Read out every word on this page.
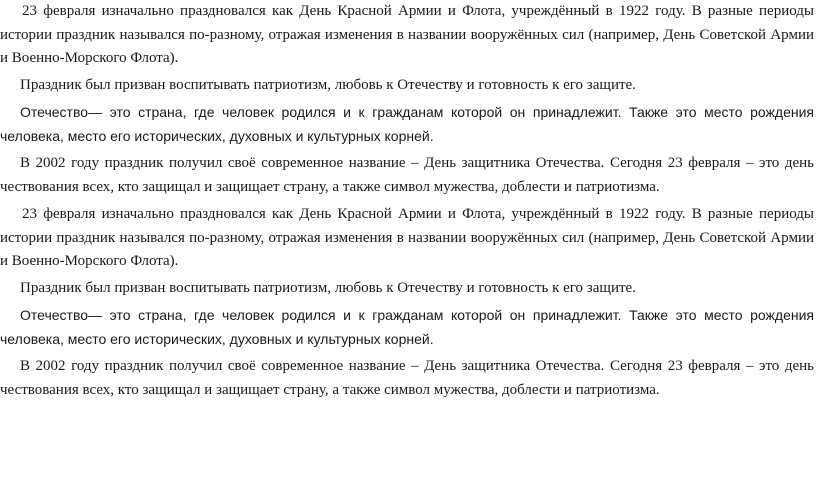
23 февраля изначально праздновался как День Красной Армии и Флота, учреждённый в 1922 году. В разные периоды истории праздник назывался по-разному, отражая изменения в названии вооружённых сил (например, День Советской Армии и Военно-Морского Флота).

Праздник был призван воспитывать патриотизм, любовь к Отечеству и готовность к его защите.

Отечество— это страна, где человек родился и к гражданам которой он принадлежит. Также это место рождения человека, место его исторических, духовных и культурных корней.

В 2002 году праздник получил своё современное название – День защитника Отечества. Сегодня 23 февраля – это день чествования всех, кто защищал и защищает страну, а также символ мужества, доблести и патриотизма.

23 февраля изначально праздновался как День Красной Армии и Флота, учреждённый в 1922 году. В разные периоды истории праздник назывался по-разному, отражая изменения в названии вооружённых сил (например, День Советской Армии и Военно-Морского Флота).

Праздник был призван воспитывать патриотизм, любовь к Отечеству и готовность к его защите.

Отечество— это страна, где человек родился и к гражданам которой он принадлежит. Также это место рождения человека, место его исторических, духовных и культурных корней.

В 2002 году праздник получил своё современное название – День защитника Отечества. Сегодня 23 февраля – это день чествования всех, кто защищал и защищает страну, а также символ мужества, доблести и патриотизма.
